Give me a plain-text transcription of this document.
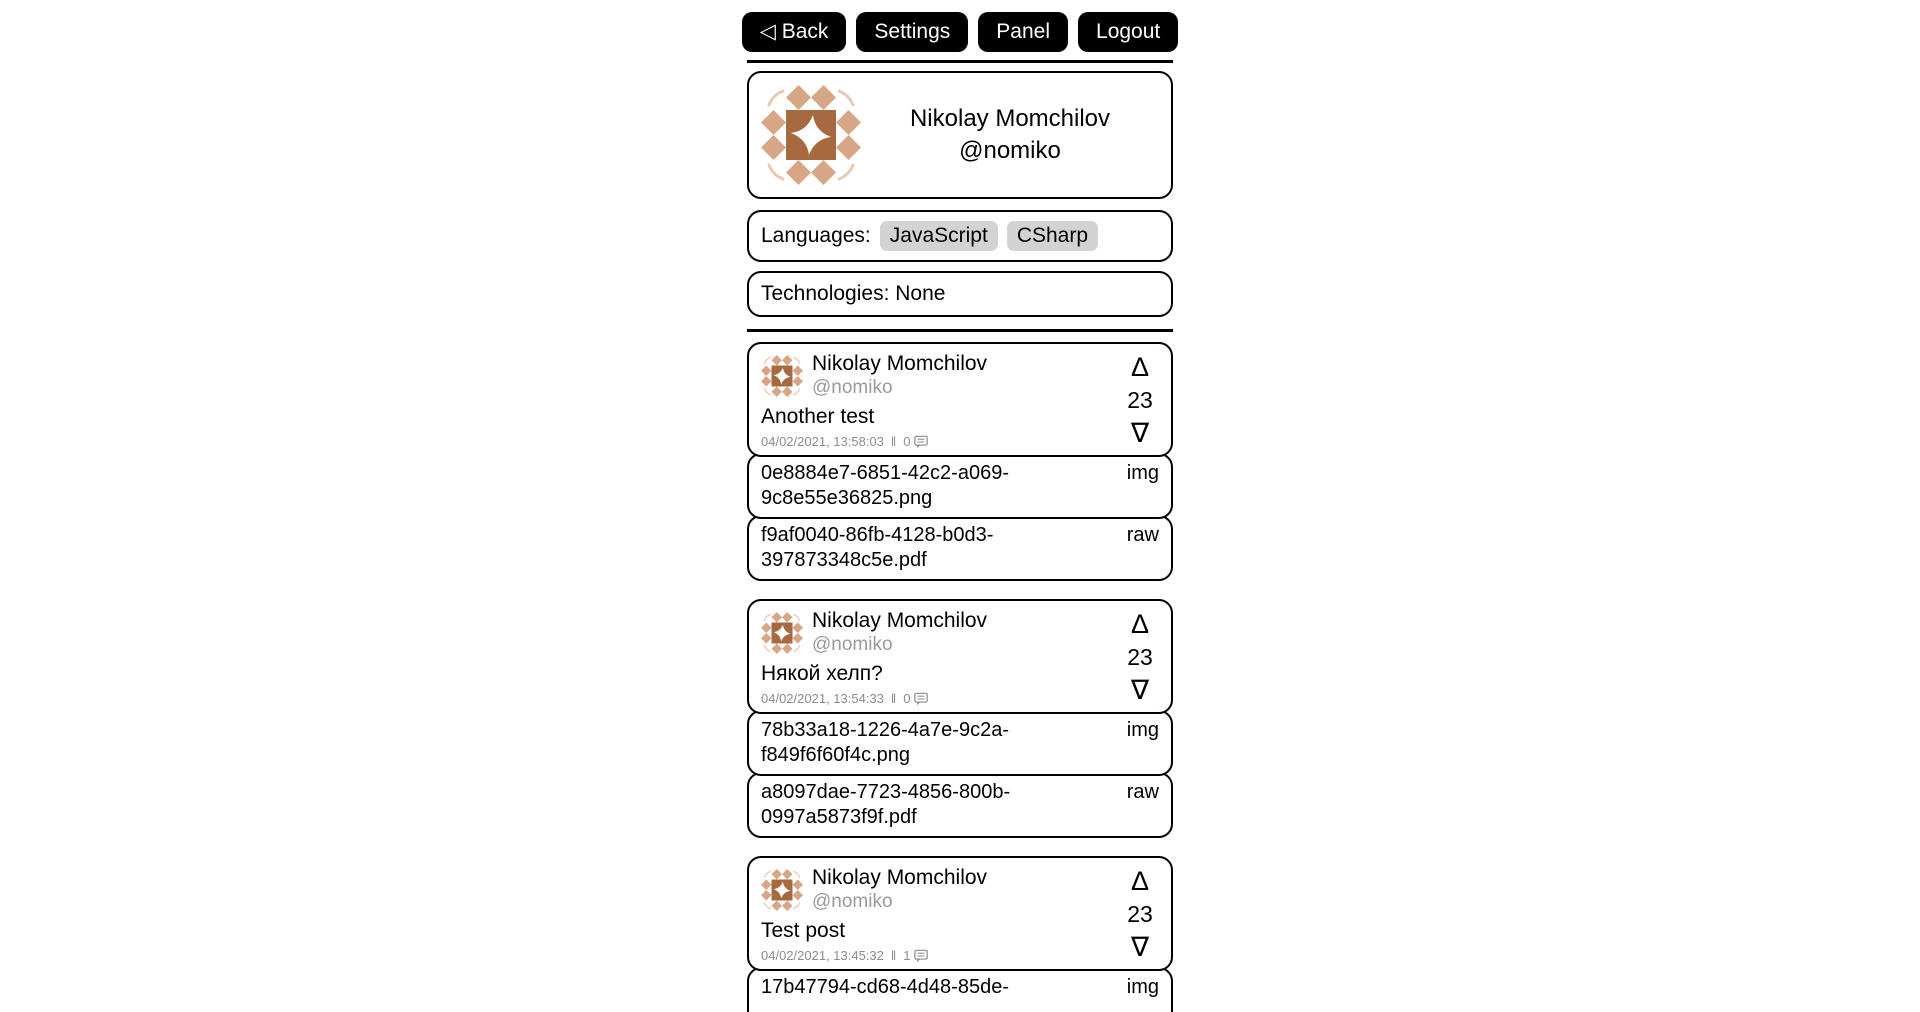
◁ Back	Settings	Panel	Logout
Nikolay Momchilov
@nomiko
Languages: JavaScript	CSharp
Technologies: None
Nikolay Momchilov
@nomiko
Another test
04/02/2021, 13:58:03 ‖ 0
Δ
23
∇
0e8884e7-6851-42c2-a069-9c8e55e36825.png
img
f9af0040-86fb-4128-b0d3-397873348c5e.pdf
raw
Nikolay Momchilov
@nomiko
Някой хелп?
04/02/2021, 13:54:33 ‖ 0
Δ
23
∇
78b33a18-1226-4a7e-9c2a-f849f6f60f4c.png
img
a8097dae-7723-4856-800b-0997a5873f9f.pdf
raw
Nikolay Momchilov
@nomiko
Test post
04/02/2021, 13:45:32 ‖ 1
Δ
23
∇
17b47794-cd68-4d48-85de-	img
